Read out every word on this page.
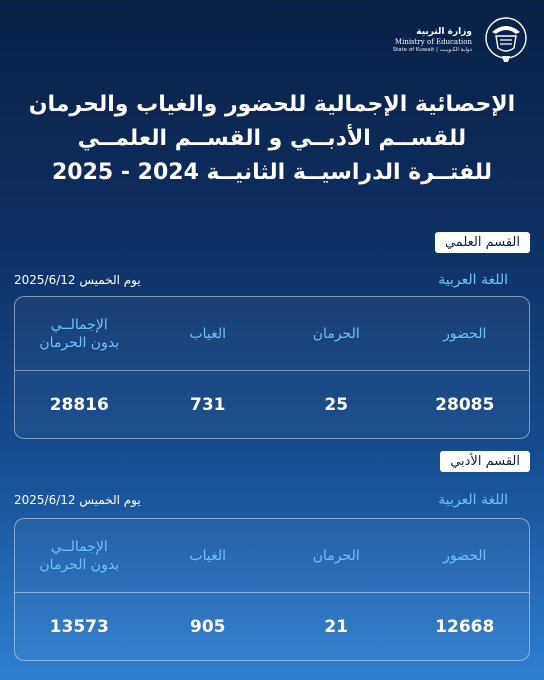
وزارة التربية
Ministry of Education
State of Kuwait | دولـة الكـويـت
الإحصائية الإجمالية للحضور والغياب والحرمان
للقســم الأدبــي و القســم العلمــي
للفتــرة الدراسيــة الثانيــة 2024 - 2025
القسم العلمي
اللغة العربية
يوم الخميس 2025/6/12
الحضور
الحرمان
الغياب
الإجمالــي
بدون الحرمان
28085
25
731
28816
القسم الأدبي
اللغة العربية
يوم الخميس 2025/6/12
الحضور
الحرمان
الغياب
الإجمالــي
بدون الحرمان
12668
21
905
13573
